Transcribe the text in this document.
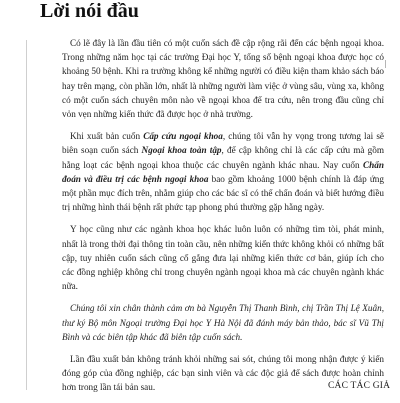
Lời nói đầu

Có lẽ đây là lần đầu tiên có một cuốn sách đề cập rộng rãi đến các bệnh ngoại khoa. Trong những năm học tại các trường Đại học Y, tổng số bệnh ngoại khoa được học có khoảng 50 bệnh. Khi ra trường không kể những người có điều kiện tham khảo sách báo hay trên mạng, còn phần lớn, nhất là những người làm việc ở vùng sâu, vùng xa, không có một cuốn sách chuyên môn nào về ngoại khoa để tra cứu, nên trong đầu cũng chỉ vỏn vẹn những kiến thức đã được học ở nhà trường.

Khi xuất bản cuốn Cấp cứu ngoại khoa, chúng tôi vẫn hy vọng trong tương lai sẽ biên soạn cuốn sách Ngoại khoa toàn tập, để cập không chỉ là các cấp cứu mà gồm hằng loạt các bệnh ngoại khoa thuộc các chuyên ngành khác nhau. Nay cuốn Chẩn đoán và điều trị các bệnh ngoại khoa bao gồm khoảng 1000 bệnh chính là đáp ứng một phần mục đích trên, nhằm giúp cho các bác sĩ có thể chẩn đoán và biết hướng điều trị những hình thái bệnh rất phức tạp phong phú thường gặp hằng ngày.

Y học cũng như các ngành khoa học khác luôn luôn có những tìm tòi, phát minh, nhất là trong thời đại thông tin toàn cầu, nên những kiến thức không khỏi có những bất cập, tuy nhiên cuốn sách cũng cố gắng đưa lại những kiến thức cơ bản, giúp ích cho các đồng nghiệp không chỉ trong chuyên ngành ngoại khoa mà các chuyên ngành khác nữa.

Chúng tôi xin chân thành cảm ơn bà Nguyễn Thị Thanh Bình, chị Trần Thị Lệ Xuân, thư ký Bộ môn Ngoại trường Đại học Y Hà Nội đã đánh máy bản thảo, bác sĩ Vũ Thị Bình và các biên tập khác đã biên tập cuốn sách.

Lần đầu xuất bản không tránh khỏi những sai sót, chúng tôi mong nhận được ý kiến đóng góp của đồng nghiệp, các bạn sinh viên và các độc giả để sách được hoàn chỉnh hơn trong lần tái bản sau.	CÁC TÁC GIẢ
